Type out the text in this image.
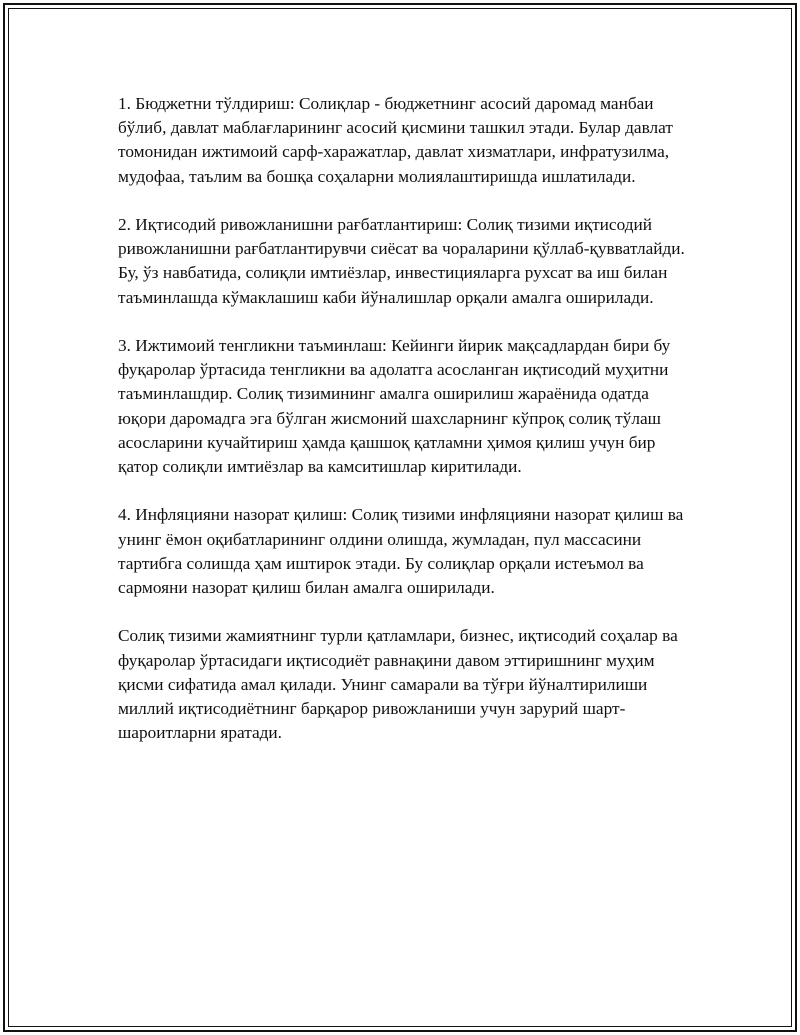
1. Бюджетни тўлдириш: Солиқлар - бюджетнинг асосий даромад манбаи бўлиб, давлат маблағларининг асосий қисмини ташкил этади. Булар давлат томонидан ижтимоий сарф-харажатлар, давлат хизматлари, инфратузилма, мудофаа, таълим ва бошқа соҳаларни молиялаштиришда ишлатилади.

2. Иқтисодий ривожланишни рағбатлантириш: Солиқ тизими иқтисодий ривожланишни рағбатлантирувчи сиёсат ва чораларини қўллаб-қувватлайди. Бу, ўз навбатида, солиқли имтиёзлар, инвестицияларга рухсат ва иш билан таъминлашда кўмаклашиш каби йўналишлар орқали амалга оширилади.

3. Ижтимоий тенгликни таъминлаш: Кейинги йирик мақсадлардан бири бу фуқаролар ўртасида тенгликни ва адолатга асосланган иқтисодий муҳитни таъминлашдир. Солиқ тизимининг амалга оширилиш жараёнида одатда юқори даромадга эга бўлган жисмоний шахсларнинг кўпроқ солиқ тўлаш асосларини кучайтириш ҳамда қашшоқ қатламни ҳимоя қилиш учун бир қатор солиқли имтиёзлар ва камситишлар киритилади.

4. Инфляцияни назорат қилиш: Солиқ тизими инфляцияни назорат қилиш ва унинг ёмон оқибатларининг олдини олишда, жумладан, пул массасини тартибга солишда ҳам иштирок этади. Бу солиқлар орқали истеъмол ва сармояни назорат қилиш билан амалга оширилади.

Солиқ тизими жамиятнинг турли қатламлари, бизнес, иқтисодий соҳалар ва фуқаролар ўртасидаги иқтисодиёт равнақини давом эттиришнинг муҳим қисми сифатида амал қилади. Унинг самарали ва тўғри йўналтирилиши миллий иқтисодиётнинг барқарор ривожланиши учун зарурий шарт-шароитларни яратади.
